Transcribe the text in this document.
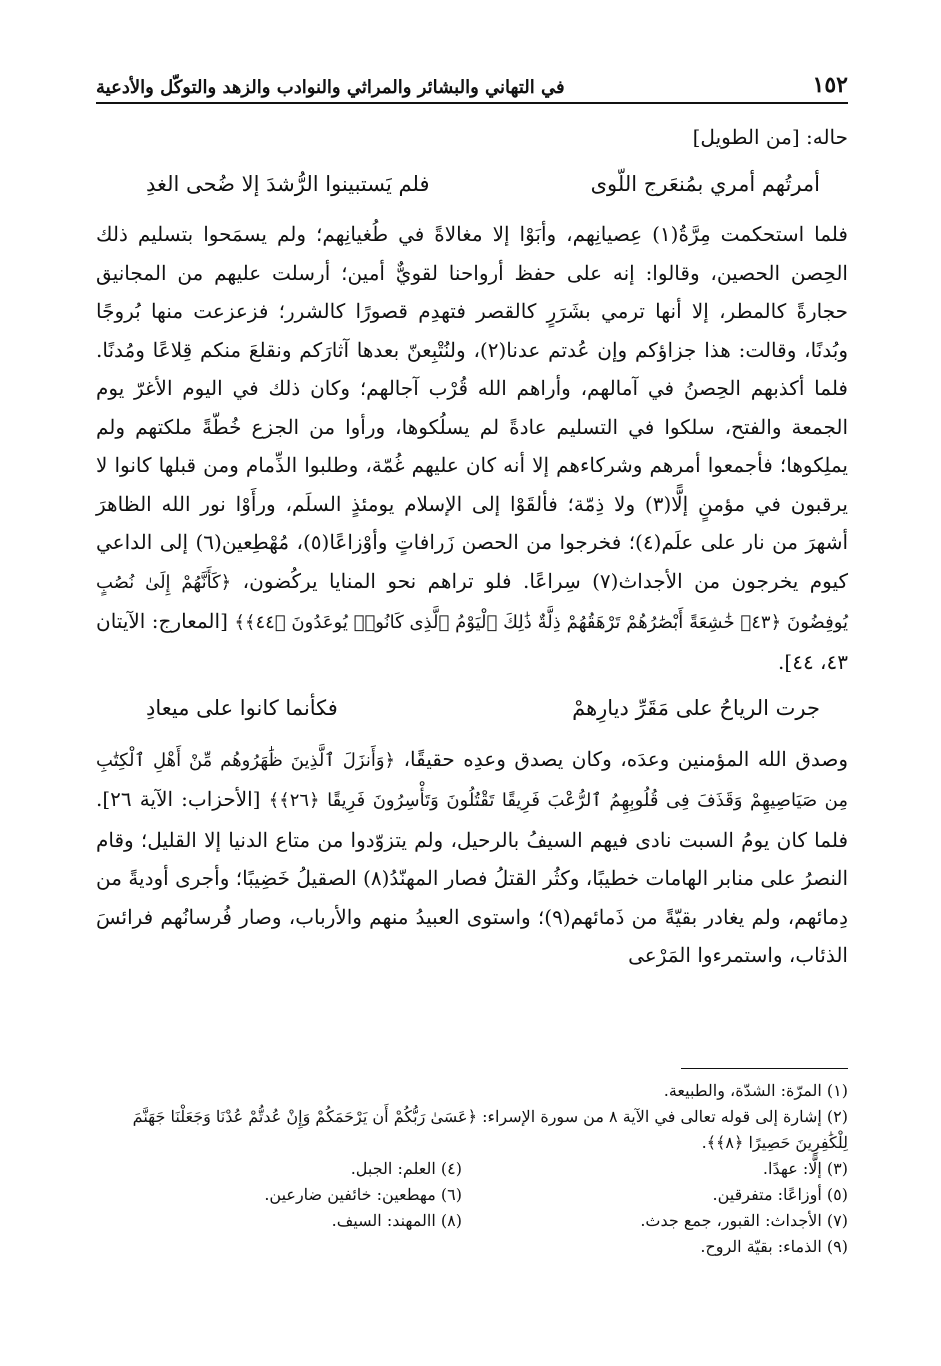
١٥٢
في التهاني والبشائر والمراثي والنوادب والزهد والتوكّل والأدعية

حاله: [من الطويل]

أمرتُهم أمري بمُنعَرج اللّوى
فلم يَستبينوا الرُّشدَ إلا ضُحى الغدِ

فلما استحكمت مِرَّةُ(١) عِصيانِهم، وأبَوْا إلا مغالاةً في طُغيانِهم؛ ولم يسمَحوا بتسليم ذلك الحِصن الحصين، وقالوا: إنه على حفظ أرواحنا لقويٌّ أمين؛ أرسلت عليهم من المجانيق حجارةً كالمطر، إلا أنها ترمي بشَرَرٍ كالقصر فتهدِم قصورًا كالشرر؛ فزعزعت منها بُروجًا وبُدنًا، وقالت: هذا جزاؤكم وإن عُدتم عدنا(٢)، ولنُتْبِعنّ بعدها آثارَكم ونقلعَ منكم قِلاعًا ومُدنًا. فلما أكذبهم الحِصنُ في آمالهم، وأراهم الله قُرْب آجالهم؛ وكان ذلك في اليوم الأغرّ يوم الجمعة والفتح، سلكوا في التسليم عادةً لم يسلُكوها، ورأوا من الجزع خُطّةً ملكتهم ولم يملِكوها؛ فأجمعوا أمرهم وشركاءهم إلا أنه كان عليهم غُمّة، وطلبوا الذِّمام ومن قبلها كانوا لا يرقبون في مؤمنٍ إلًّا(٣) ولا ذِمّة؛ فألقَوْا إلى الإسلام يومئذٍ السلَم، ورأَوْا نور الله الظاهرَ أشهرَ من نار على علَم(٤)؛ فخرجوا من الحصن زَرافاتٍ وأوْزاعًا(٥)، مُهْطِعين(٦) إلى الداعي كيوم يخرجون من الأجداث(٧) سِراعًا. فلو تراهم نحو المنايا يركُضون، ﴿كَأَنَّهُمْ إِلَىٰ نُصُبٍ يُوفِضُونَ ﴿٤٣﴾ خَٰشِعَةً أَبْصَٰرُهُمْ تَرْهَقُهُمْ ذِلَّةٌ ذَٰلِكَ ٱلْيَوْمُ ٱلَّذِى كَانُوا۟ يُوعَدُونَ ﴿٤٤﴾﴾ [المعارج: الآيتان ٤٣، ٤٤].

جرت الرياحُ على مَقَرِّ ديارِهمْ
فكأنما كانوا على ميعادِ

وصدق الله المؤمنين وعدَه، وكان يصدق وعدِه حقيقًا، ﴿وَأَنزَلَ ٱلَّذِينَ ظَٰهَرُوهُم مِّنْ أَهْلِ ٱلْكِتَٰبِ مِن صَيَاصِيهِمْ وَقَذَفَ فِى قُلُوبِهِمُ ٱلرُّعْبَ فَرِيقًا تَقْتُلُونَ وَتَأْسِرُونَ فَرِيقًا ﴿٢٦﴾﴾ [الأحزاب: الآية ٢٦]. فلما كان يومُ السبت نادى فيهم السيفُ بالرحيل، ولم يتزوّدوا من متاع الدنيا إلا القليل؛ وقام النصرُ على منابر الهامات خطيبًا، وكثُر القتلُ فصار المهنّدُ(٨) الصقيلُ خَضِيبًا؛ وأجرى أوديةً من دِمائهم، ولم يغادر بقيّةً من ذَمائهم(٩)؛ واستوى العبيدُ منهم والأرباب، وصار فُرسانُهم فرائسَ الذئاب، واستمرءوا المَرْعى

(١) المرّة: الشدّة، والطبيعة.

(٢) إشارة إلى قوله تعالى في الآية ٨ من سورة الإسراء: ﴿عَسَىٰ رَبُّكُمْ أَن يَرْحَمَكُمْ وَإِنْ عُدتُّمْ عُدْنَا وَجَعَلْنَا جَهَنَّمَ لِلْكَٰفِرِينَ حَصِيرًا ﴿٨﴾﴾.

(٣) إلًّا: عهدًا.

(٤) العلم: الجبل.

(٥) أوزاعًا: متفرقين.

(٦) مهطعين: خائفين ضارعين.

(٧) الأجداث: القبور، جمع جدث.

(٨) االمهند: السيف.

(٩) الذماء: بقيّة الروح.
